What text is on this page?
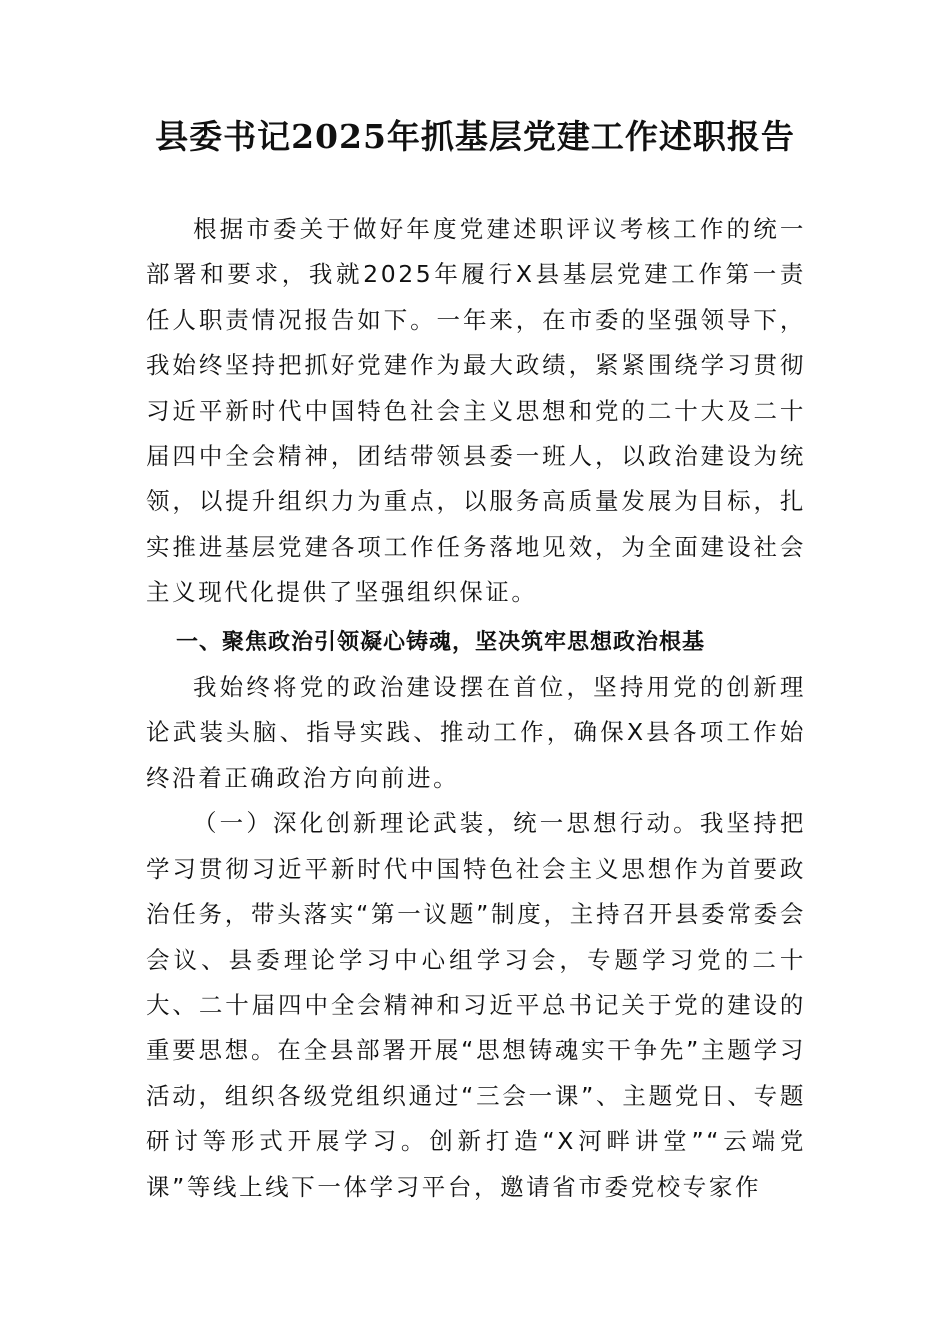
县委书记2025年抓基层党建工作述职报告

根据市委关于做好年度党建述职评议考核工作的统一部署和要求，我就2025年履行X县基层党建工作第一责任人职责情况报告如下。一年来，在市委的坚强领导下，我始终坚持把抓好党建作为最大政绩，紧紧围绕学习贯彻习近平新时代中国特色社会主义思想和党的二十大及二十届四中全会精神，团结带领县委一班人，以政治建设为统领，以提升组织力为重点，以服务高质量发展为目标，扎实推进基层党建各项工作任务落地见效，为全面建设社会主义现代化提供了坚强组织保证。

一、聚焦政治引领凝心铸魂，坚决筑牢思想政治根基

我始终将党的政治建设摆在首位，坚持用党的创新理论武装头脑、指导实践、推动工作，确保X县各项工作始终沿着正确政治方向前进。

（一）深化创新理论武装，统一思想行动。我坚持把学习贯彻习近平新时代中国特色社会主义思想作为首要政治任务，带头落实“第一议题”制度，主持召开县委常委会会议、县委理论学习中心组学习会，专题学习党的二十大、二十届四中全会精神和习近平总书记关于党的建设的重要思想。在全县部署开展“思想铸魂实干争先”主题学习活动，组织各级党组织通过“三会一课”、主题党日、专题研讨等形式开展学习。创新打造“X河畔讲堂”“云端党课”等线上线下一体学习平台，邀请省市委党校专家作
